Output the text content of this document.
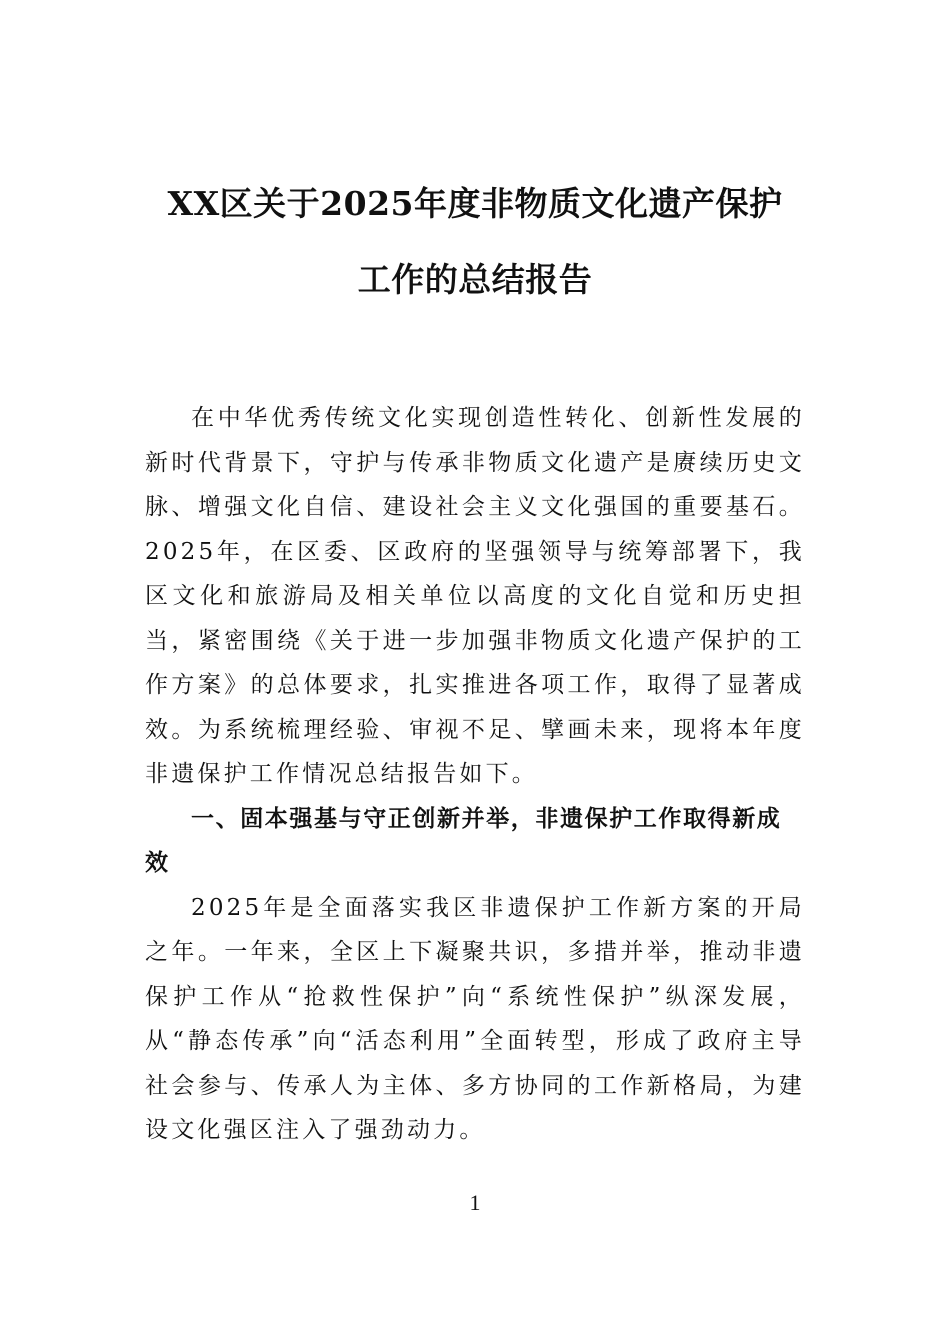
XX区关于2025年度非物质文化遗产保护
工作的总结报告

在中华优秀传统文化实现创造性转化、创新性发展的新时代背景下，守护与传承非物质文化遗产是赓续历史文脉、增强文化自信、建设社会主义文化强国的重要基石。2025年，在区委、区政府的坚强领导与统筹部署下，我区文化和旅游局及相关单位以高度的文化自觉和历史担当，紧密围绕《关于进一步加强非物质文化遗产保护的工作方案》的总体要求，扎实推进各项工作，取得了显著成效。为系统梳理经验、审视不足、擘画未来，现将本年度非遗保护工作情况总结报告如下。

一、固本强基与守正创新并举，非遗保护工作取得新成效

2025年是全面落实我区非遗保护工作新方案的开局之年。一年来，全区上下凝聚共识，多措并举，推动非遗保护工作从“抢救性保护”向“系统性保护”纵深发展，从“静态传承”向“活态利用”全面转型，形成了政府主导社会参与、传承人为主体、多方协同的工作新格局，为建设文化强区注入了强劲动力。

1
